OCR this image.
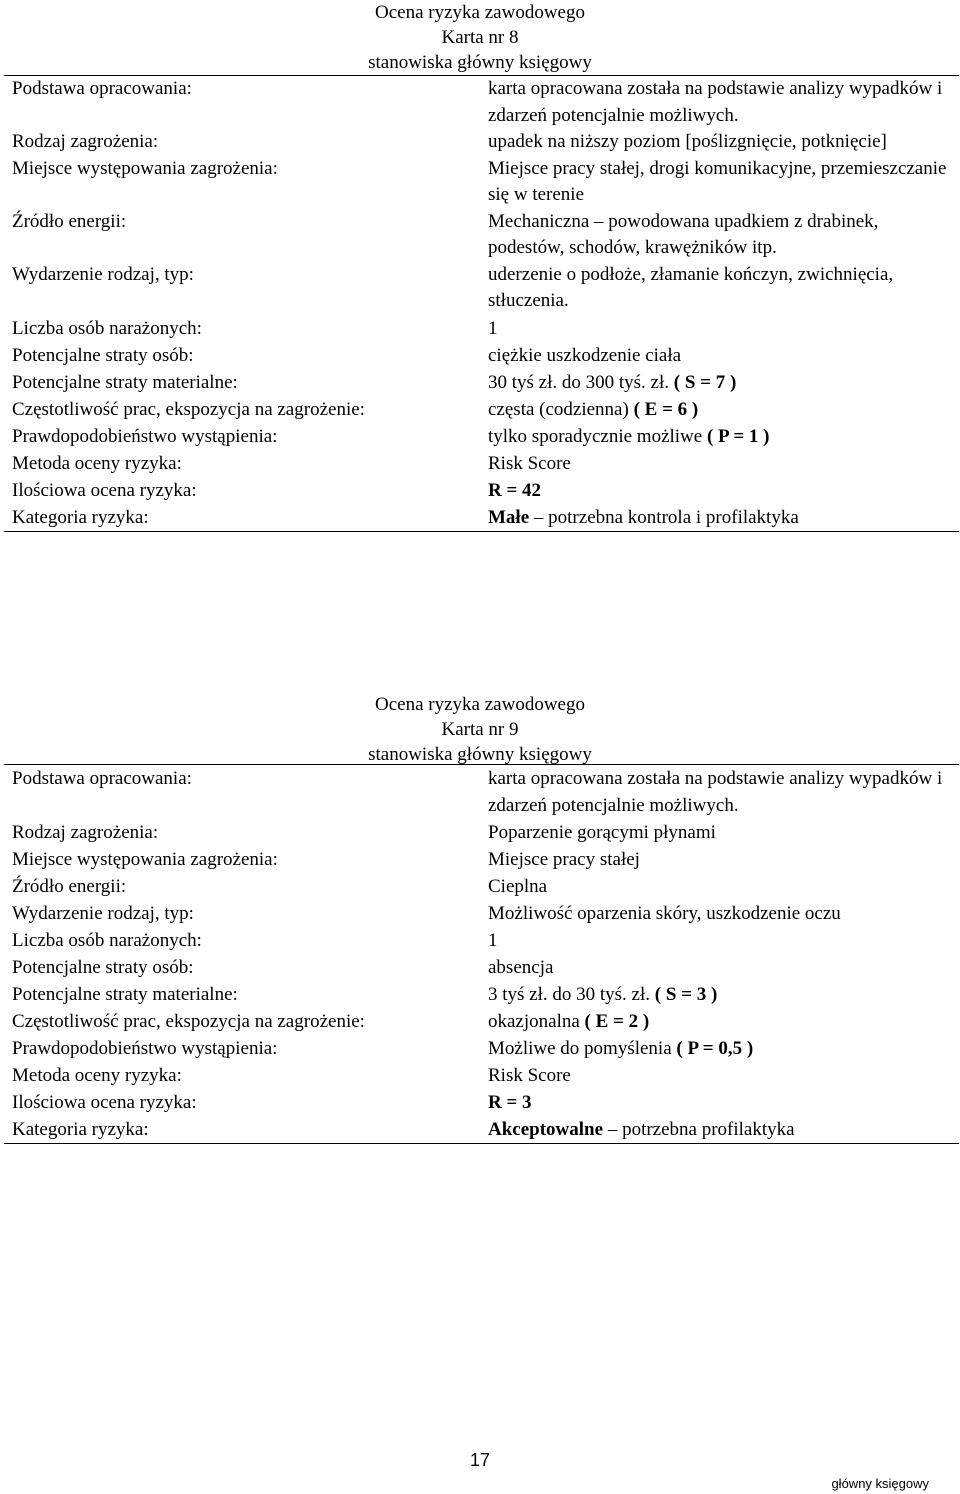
Ocena ryzyka zawodowego
Karta nr 8
stanowiska główny księgowy
Podstawa opracowania:	karta opracowana została na podstawie analizy wypadków i zdarzeń potencjalnie możliwych.
Rodzaj zagrożenia:	upadek na niższy poziom [poślizgnięcie, potknięcie]
Miejsce występowania zagrożenia:	Miejsce pracy stałej, drogi komunikacyjne, przemieszczanie się w terenie
Źródło energii:	Mechaniczna – powodowana upadkiem z drabinek, podestów, schodów, krawężników itp.
Wydarzenie rodzaj, typ:	uderzenie o podłoże, złamanie kończyn, zwichnięcia, stłuczenia.
Liczba osób narażonych:	1
Potencjalne straty osób:	ciężkie uszkodzenie ciała
Potencjalne straty materialne:	30 tyś zł. do 300 tyś. zł. ( S = 7 )
Częstotliwość prac, ekspozycja na zagrożenie:	częsta (codzienna) ( E = 6 )
Prawdopodobieństwo wystąpienia:	tylko sporadycznie możliwe ( P = 1 )
Metoda oceny ryzyka:	Risk Score
Ilościowa ocena ryzyka:	R = 42
Kategoria ryzyka:	Małe – potrzebna kontrola i profilaktyka
Ocena ryzyka zawodowego
Karta nr 9
stanowiska główny księgowy
Podstawa opracowania:	karta opracowana została na podstawie analizy wypadków i zdarzeń potencjalnie możliwych.
Rodzaj zagrożenia:	Poparzenie gorącymi płynami
Miejsce występowania zagrożenia:	Miejsce pracy stałej
Źródło energii:	Cieplna
Wydarzenie rodzaj, typ:	Możliwość oparzenia skóry, uszkodzenie oczu
Liczba osób narażonych:	1
Potencjalne straty osób:	absencja
Potencjalne straty materialne:	3 tyś zł. do 30 tyś. zł. ( S = 3 )
Częstotliwość prac, ekspozycja na zagrożenie:	okazjonalna ( E = 2 )
Prawdopodobieństwo wystąpienia:	Możliwe do pomyślenia ( P = 0,5 )
Metoda oceny ryzyka:	Risk Score
Ilościowa ocena ryzyka:	R = 3
Kategoria ryzyka:	Akceptowalne – potrzebna profilaktyka
17
główny księgowy
